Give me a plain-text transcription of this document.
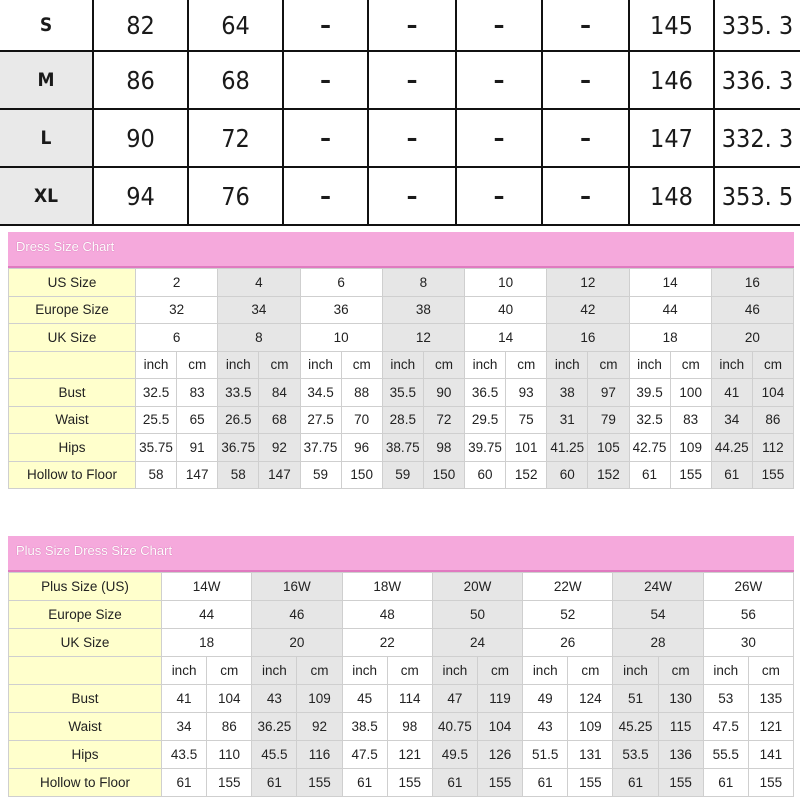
S	82	64	–	–	–	–	145	335. 3
M	86	68	–	–	–	–	146	336. 3
L	90	72	–	–	–	–	147	332. 3
XL	94	76	–	–	–	–	148	353. 5
Dress Size Chart
US Size	2		4		6		8		10		12		14		16	
Europe Size	32		34		36		38		40		42		44		46	
UK Size	6		8		10		12		14		16		18		20	
	inch	cm	inch	cm	inch	cm	inch	cm	inch	cm	inch	cm	inch	cm	inch	cm
Bust	32.5	83	33.5	84	34.5	88	35.5	90	36.5	93	38	97	39.5	100	41	104
Waist	25.5	65	26.5	68	27.5	70	28.5	72	29.5	75	31	79	32.5	83	34	86
Hips	35.75	91	36.75	92	37.75	96	38.75	98	39.75	101	41.25	105	42.75	109	44.25	112
Hollow to Floor	58	147	58	147	59	150	59	150	60	152	60	152	61	155	61	155
Plus Size Dress Size Chart
Plus Size (US)	14W		16W		18W		20W		22W		24W		26W	
Europe Size	44		46		48		50		52		54		56	
UK Size	18		20		22		24		26		28		30	
	inch	cm	inch	cm	inch	cm	inch	cm	inch	cm	inch	cm	inch	cm
Bust	41	104	43	109	45	114	47	119	49	124	51	130	53	135
Waist	34	86	36.25	92	38.5	98	40.75	104	43	109	45.25	115	47.5	121
Hips	43.5	110	45.5	116	47.5	121	49.5	126	51.5	131	53.5	136	55.5	141
Hollow to Floor	61	155	61	155	61	155	61	155	61	155	61	155	61	155
